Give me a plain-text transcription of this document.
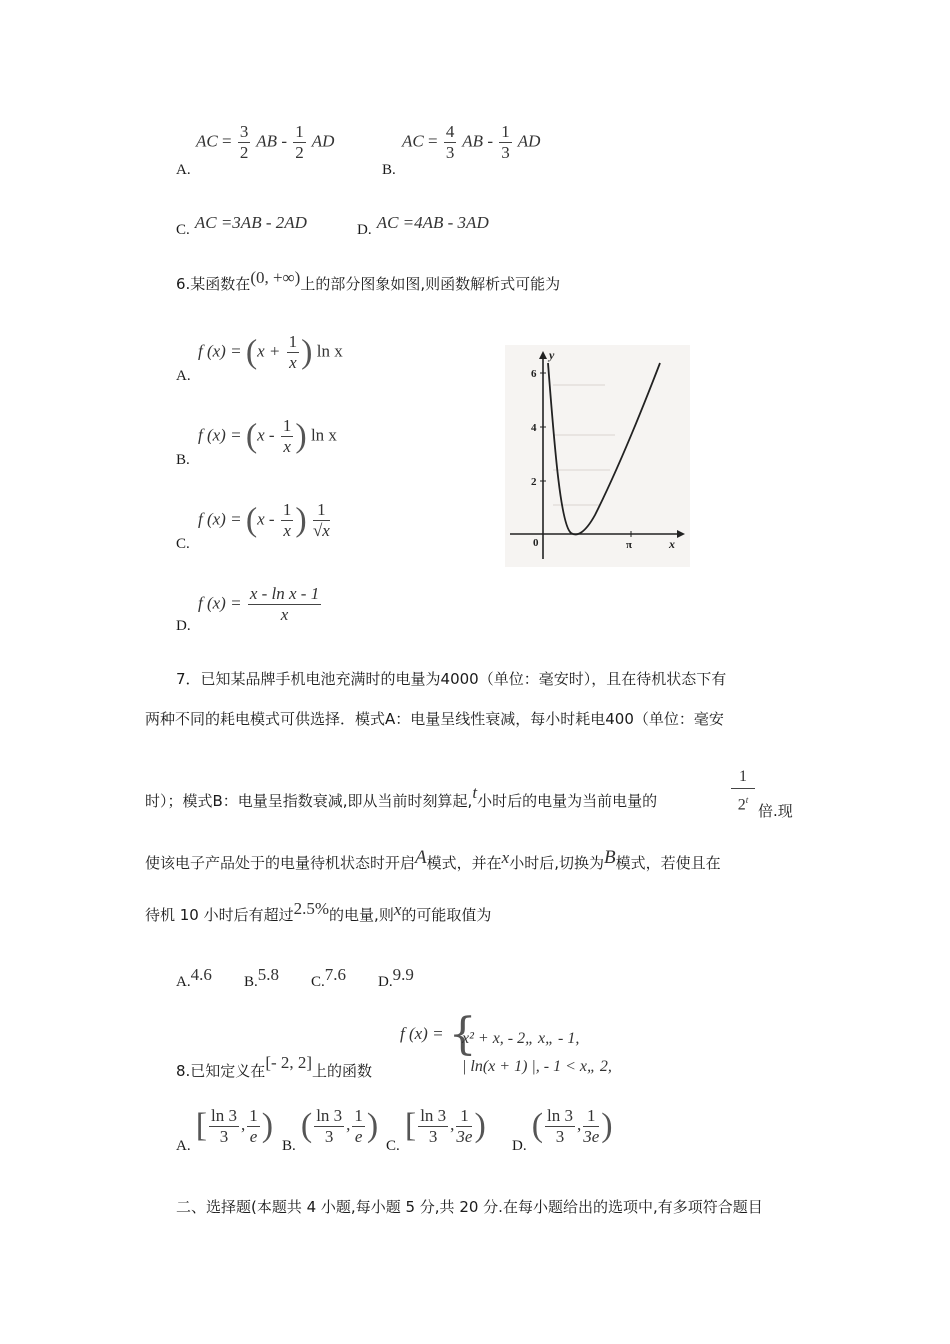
A.
AC = $\frac{3}{2}$ AB - $\frac{1}{2}$ AD
B.
AC = $\frac{4}{3}$ AB - $\frac{1}{3}$ AD
C. AC =3AB - 2AD	D. AC =4AB - 3AD
6.某函数在(0, +∞)上的部分图象如图,则函数解析式可能为
A.
f $(x) = (x + \frac{1}{x}$ ) ln x
B.
f $(x) = (x - \frac{1}{x}$ ) ln x
C.
f $(x) = (x - \frac{1}{x}$ ) $\frac{1}{√x}$
D.
f $(x) = \frac{\text{x - ln x - 1}}{x}$
2
4
6
y
x
0	π
7．已知某品牌手机电池充满时的电量为4000（单位：毫安时），且在待机状态下有
两种不同的耗电模式可供选择．模式A：电量呈线性衰减，每小时耗电400（单位：毫安
时）；模式B：电量呈指数衰减,即从当前时刻算起,t小时后的电量为当前电量的	$\frac{1}{2^t}$ 倍.现
使该电子产品处于的电量待机状态时开启A模式，并在x小时后,切换为B模式，若使且在
待机 10 小时后有超过2.5%的电量,则x的可能取值为
A.4.6 B.5.8 C.7.6 D.9.9
8.已知定义在[- 2, 2]上的函数
f (x) = {
x² + x, - 2„ x„ - 1,
| ln(x + 1) |, - 1 < x„ 2,
A. [ $\frac{\ln 3}{3}$ , $\frac{1}{e}$ )
B. ( $\frac{\ln 3}{3}$ , $\frac{1}{e}$ )
C. [ $\frac{\ln 3}{3}$ , $\frac{1}{3e}$ )
D. ( $\frac{\ln 3}{3}$ , $\frac{1}{3e}$ )
二、选择题(本题共 4 小题,每小题 5 分,共 20 分.在每小题给出的选项中,有多项符合题目
